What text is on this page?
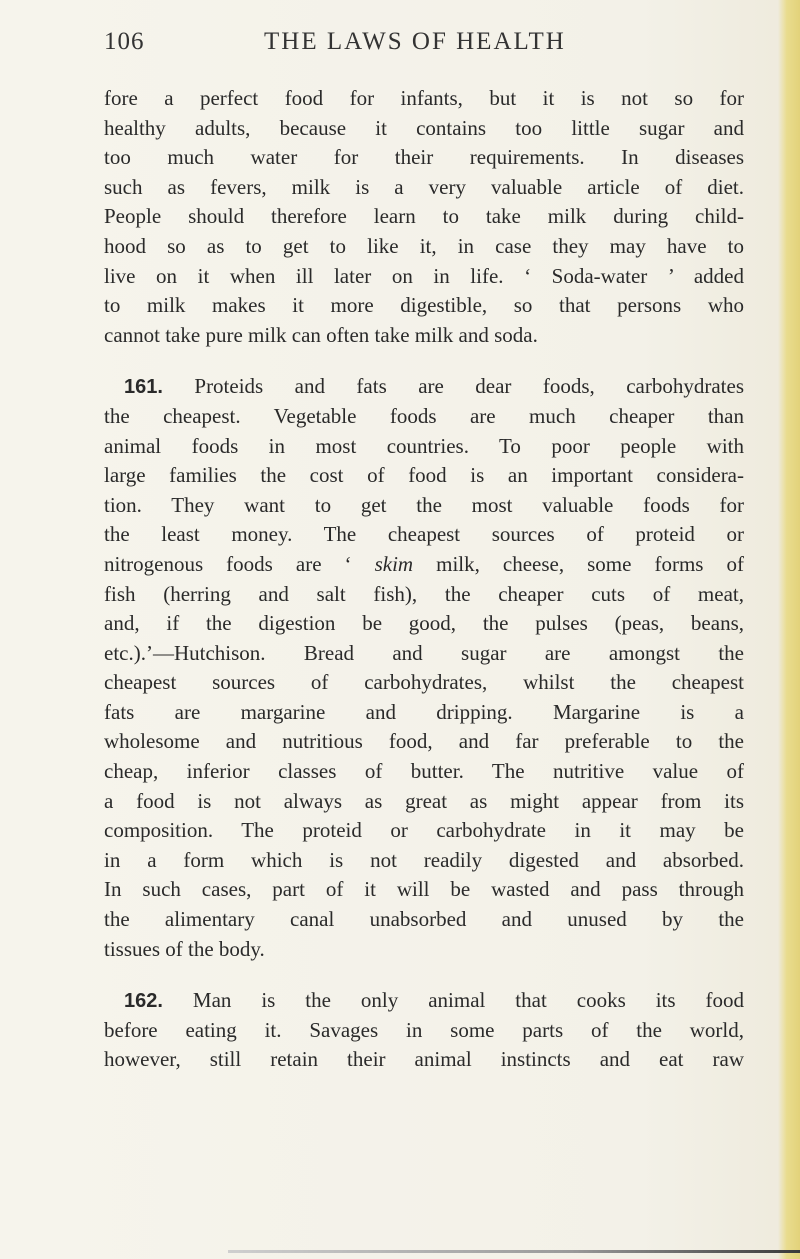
106	THE LAWS OF HEALTH
fore a perfect food for infants, but it is not so for
healthy adults, because it contains too little sugar and
too much water for their requirements. In diseases
such as fevers, milk is a very valuable article of diet.
People should therefore learn to take milk during child-
hood so as to get to like it, in case they may have to
live on it when ill later on in life. ‘ Soda-water ’ added
to milk makes it more digestible, so that persons who
cannot take pure milk can often take milk and soda.
161. Proteids and fats are dear foods, carbohydrates
the cheapest. Vegetable foods are much cheaper than
animal foods in most countries. To poor people with
large families the cost of food is an important considera-
tion. They want to get the most valuable foods for
the least money. The cheapest sources of proteid or
nitrogenous foods are ‘ skim milk, cheese, some forms of
fish (herring and salt fish), the cheaper cuts of meat,
and, if the digestion be good, the pulses (peas, beans,
etc.).’—Hutchison. Bread and sugar are amongst the
cheapest sources of carbohydrates, whilst the cheapest
fats are margarine and dripping. Margarine is a
wholesome and nutritious food, and far preferable to the
cheap, inferior classes of butter. The nutritive value of
a food is not always as great as might appear from its
composition. The proteid or carbohydrate in it may be
in a form which is not readily digested and absorbed.
In such cases, part of it will be wasted and pass through
the alimentary canal unabsorbed and unused by the
tissues of the body.
162. Man is the only animal that cooks its food
before eating it. Savages in some parts of the world,
however, still retain their animal instincts and eat raw
